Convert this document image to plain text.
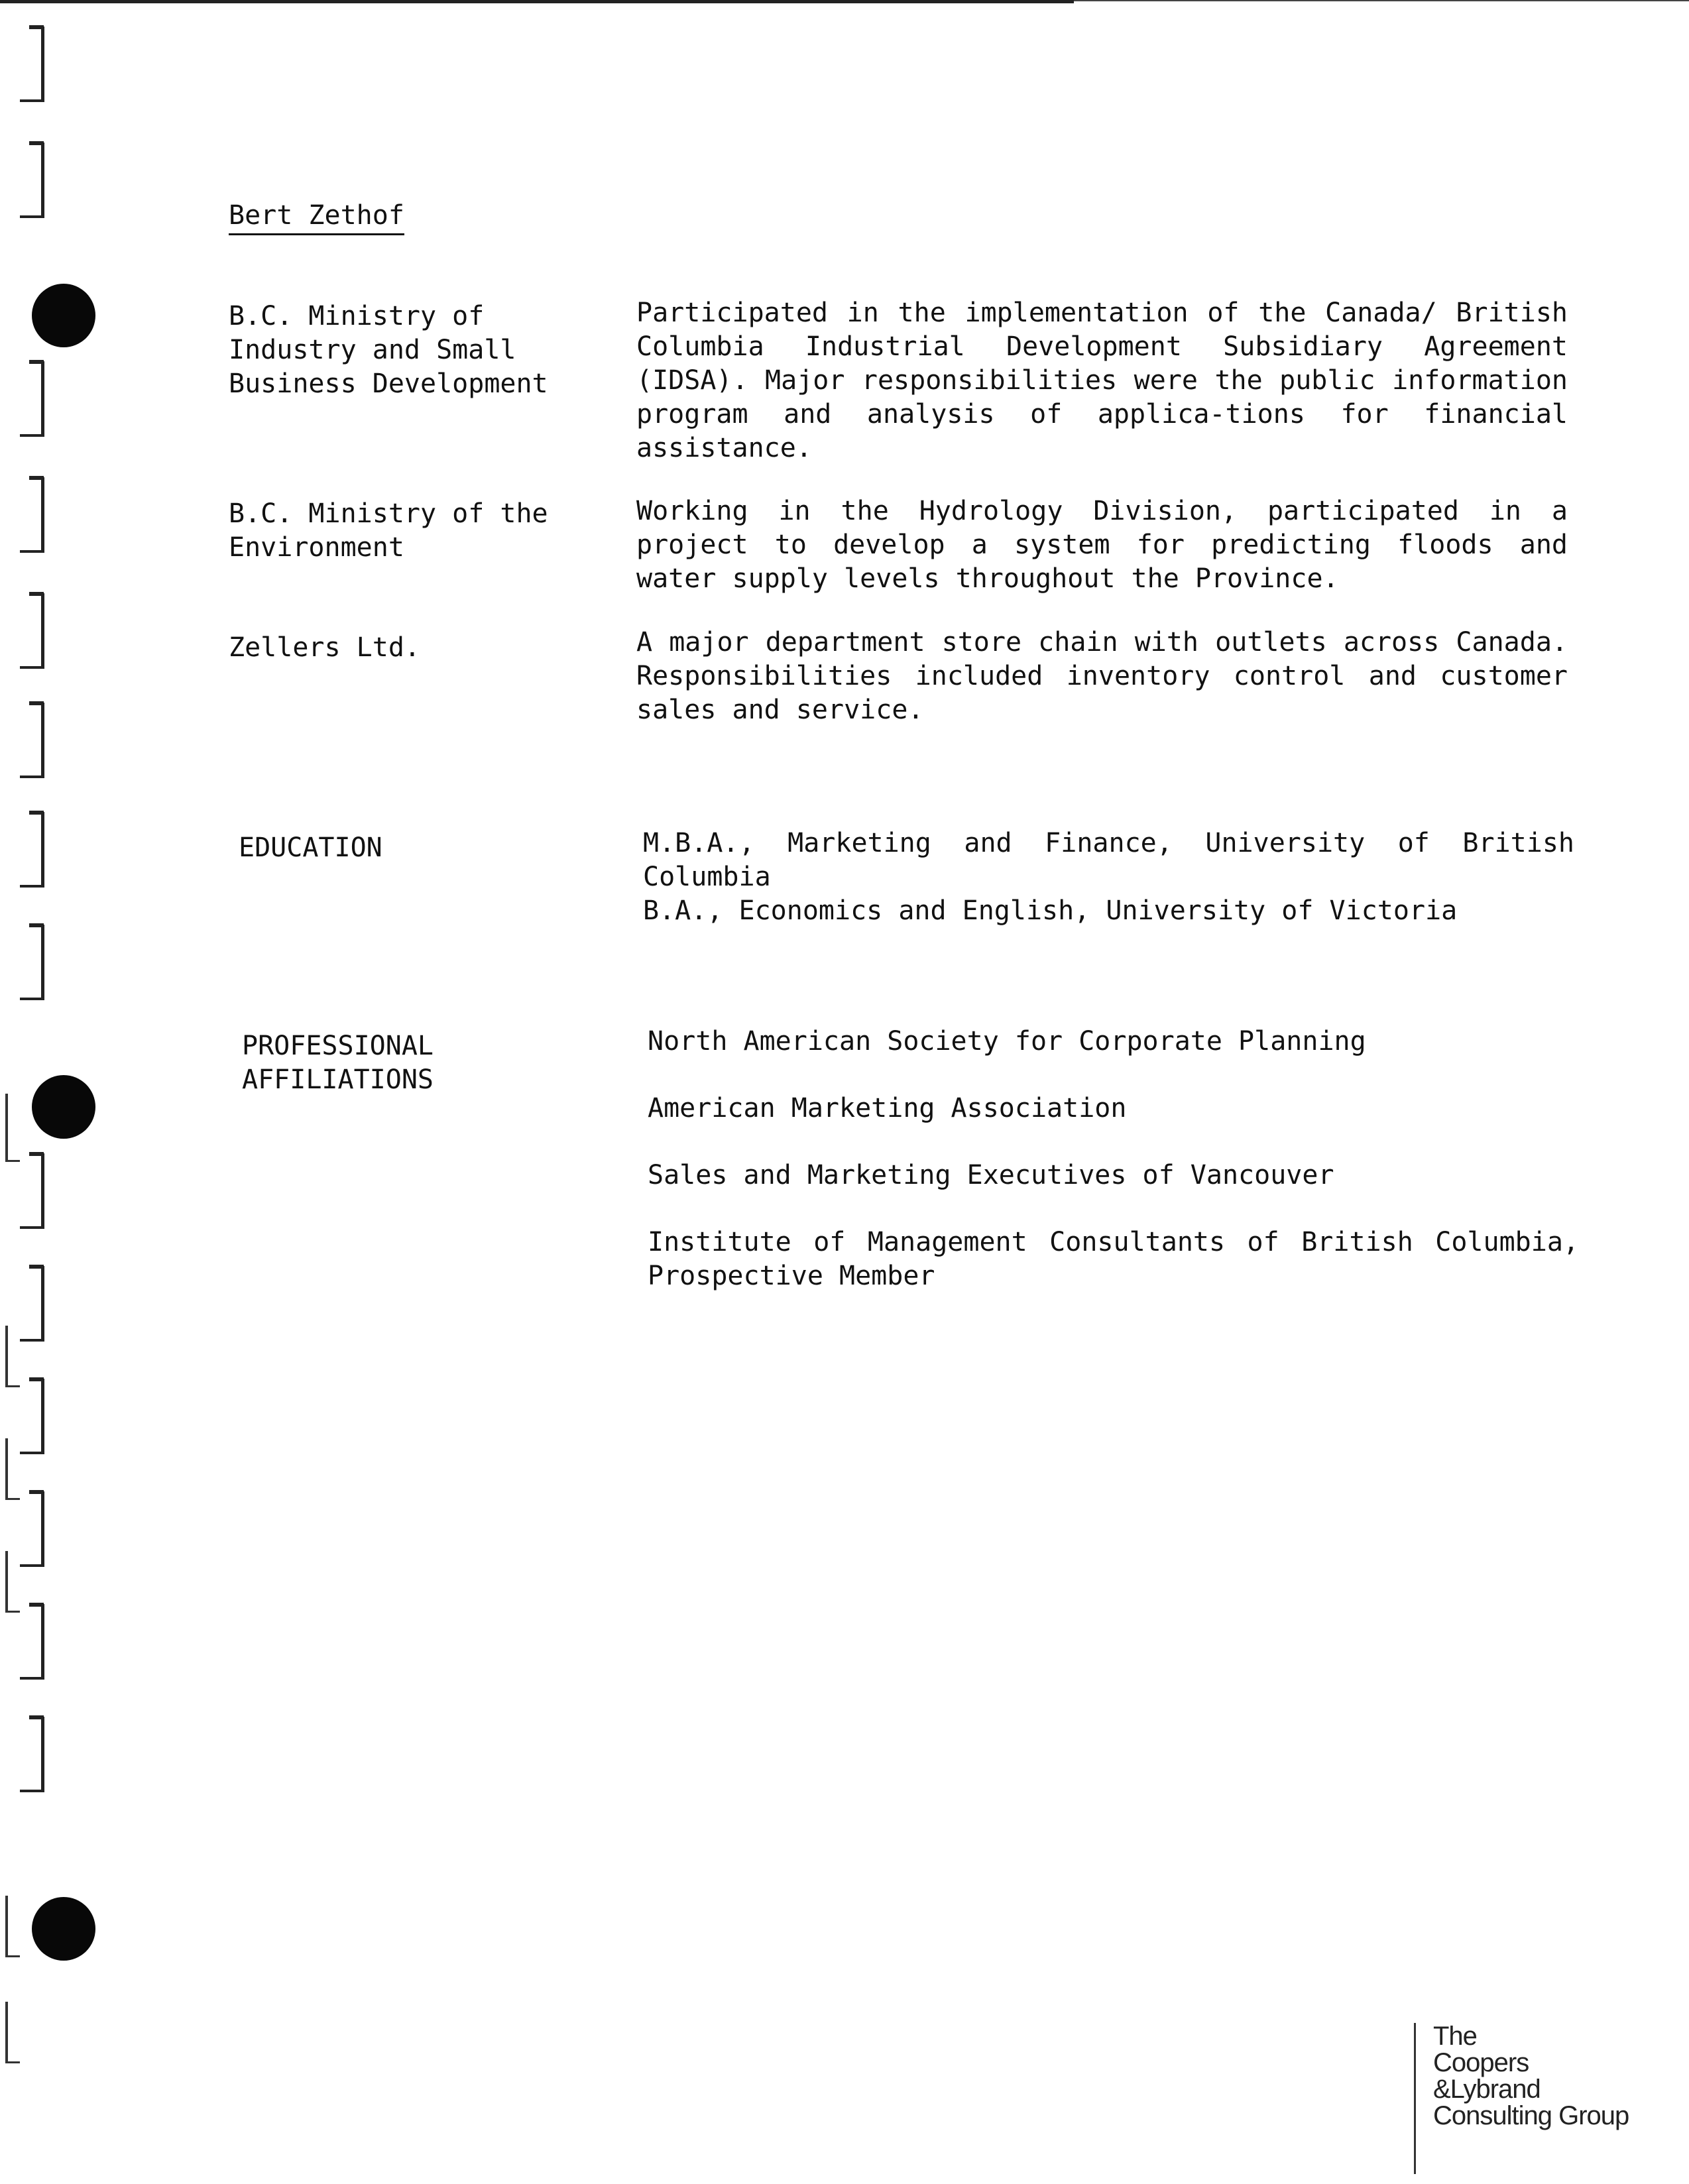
Bert Zethof
B.C. Ministry of
Industry and Small
Business Development
Participated in the implementation of the Canada/ British Columbia Industrial Development Subsidiary Agreement (IDSA). Major responsibilities were the public information program and analysis of applica-tions for financial assistance.
B.C. Ministry of the
Environment
Working in the Hydrology Division, participated in a project to develop a system for predicting floods and water supply levels throughout the Province.
Zellers Ltd.	A major department store chain with outlets across Canada. Responsibilities included inventory control and customer sales and service.
EDUCATION	M.B.A., Marketing and Finance, University of British Columbia

B.A., Economics and English, University of Victoria

PROFESSIONAL
AFFILIATIONS

North American Society for Corporate Planning

American Marketing Association

Sales and Marketing Executives of Vancouver

Institute of Management Consultants of British Columbia, Prospective Member

The
Coopers
&Lybrand
Consulting Group
